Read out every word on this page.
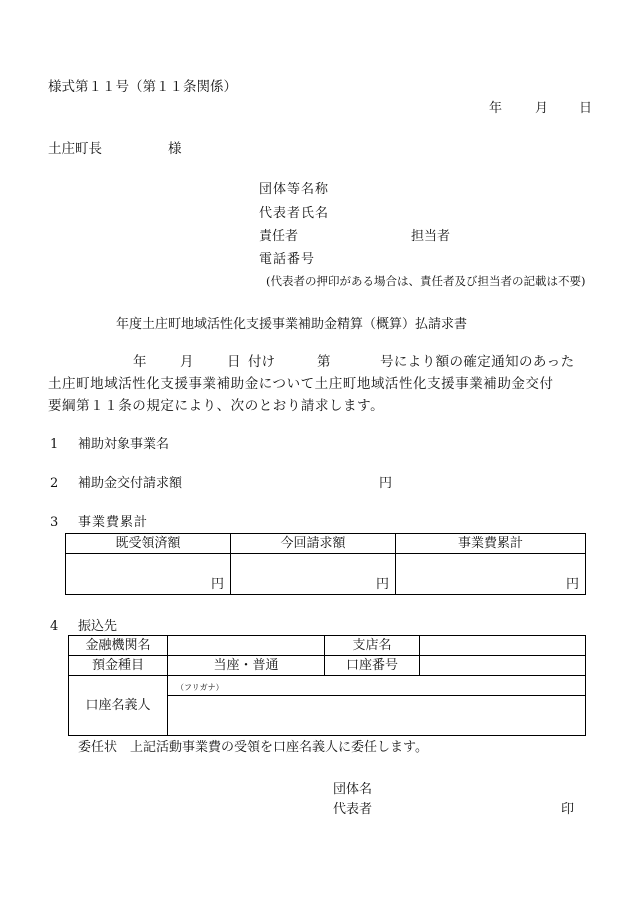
様式第１１号（第１１条関係）
年	月 日
土庄町長	様
団体等名称
代表者氏名
責任者	担当者
電話番号
(代表者の押印がある場合は、責任者及び担当者の記載は不要)
年度土庄町地域活性化支援事業補助金精算（概算）払請求書
年 月 日 付け	第	号により額の確定通知のあった
土庄町地域活性化支援事業補助金について土庄町地域活性化支援事業補助金交付
要綱第１１条の規定により、次のとおり請求します。
1 補助対象事業名
2 補助金交付請求額	円
3 事業費累計
既受領済額	今回請求額	事業費累計
円	円	円
4 振込先
金融機関名		支店名	
預金種目	当座・普通	口座番号	
口座名義人	（フリガナ）		

委任状　上記活動事業費の受領を口座名義人に委任します。
団体名
代表者	印
